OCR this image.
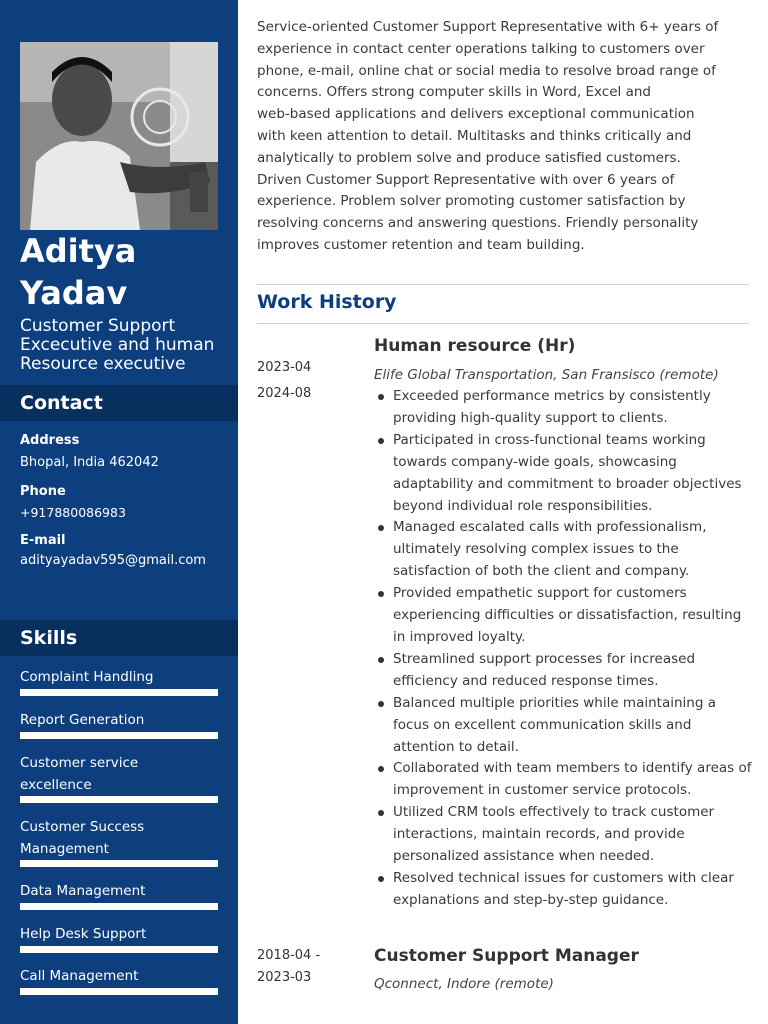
Aditya
Yadav
Customer Support
Excecutive and human
Resource executive
Contact
Address
Bhopal, India 462042
Phone
+917880086983
E-mail
adityayadav595@gmail.com
Skills
Complaint Handling
Report Generation
Customer service
excellence
Customer Success
Management
Data Management
Help Desk Support
Call Management
Service-oriented Customer Support Representative with 6+ years of
experience in contact center operations talking to customers over
phone, e-mail, online chat or social media to resolve broad range of
concerns. Offers strong computer skills in Word, Excel and
web-based applications and delivers exceptional communication
with keen attention to detail. Multitasks and thinks critically and
analytically to problem solve and produce satisfied customers.
Driven Customer Support Representative with over 6 years of
experience. Problem solver promoting customer satisfaction by
resolving concerns and answering questions. Friendly personality
improves customer retention and team building.
Work History
Human resource (Hr)
2023-04
2024-08
Elife Global Transportation, San Fransisco (remote)
Exceeded performance metrics by consistently providing high-quality support to clients.
Participated in cross-functional teams working towards company-wide goals, showcasing adaptability and commitment to broader objectives beyond individual role responsibilities.
Managed escalated calls with professionalism, ultimately resolving complex issues to the satisfaction of both the client and company.
Provided empathetic support for customers experiencing difficulties or dissatisfaction, resulting in improved loyalty.
Streamlined support processes for increased efficiency and reduced response times.
Balanced multiple priorities while maintaining a focus on excellent communication skills and attention to detail.
Collaborated with team members to identify areas of improvement in customer service protocols.
Utilized CRM tools effectively to track customer interactions, maintain records, and provide personalized assistance when needed.
Resolved technical issues for customers with clear explanations and step-by-step guidance.
Customer Support Manager
2018-04 -
2023-03	Qconnect, Indore (remote)
